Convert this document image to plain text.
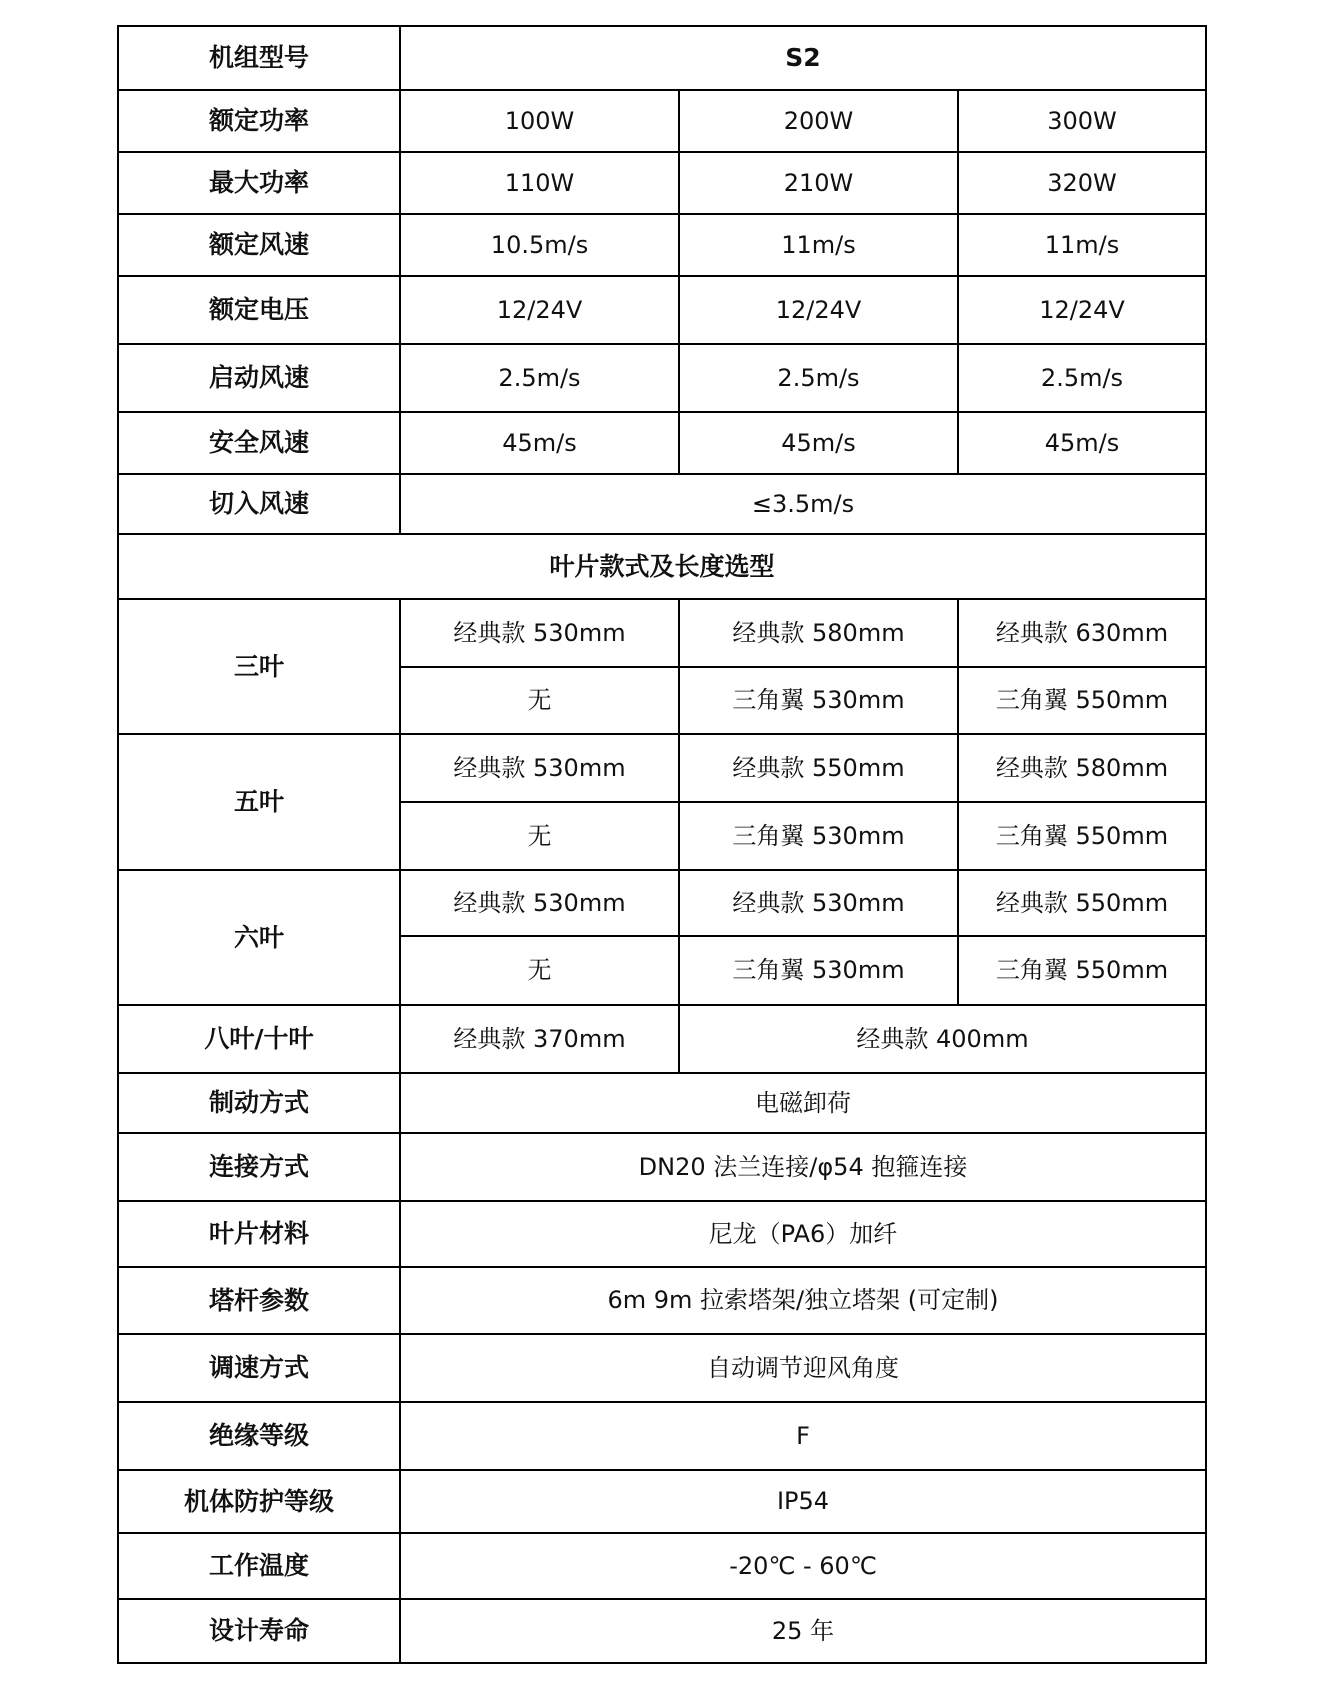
机组型号	S2		
额定功率	100W	200W	300W
最大功率	110W	210W	320W
额定风速	10.5m/s	11m/s	11m/s
额定电压	12/24V	12/24V	12/24V
启动风速	2.5m/s	2.5m/s	2.5m/s
安全风速	45m/s	45m/s	45m/s
切入风速	≤3.5m/s		
叶片款式及长度选型			
三叶	经典款 530mm	经典款 580mm	经典款 630mm
	无	三角翼 530mm	三角翼 550mm
五叶	经典款 530mm	经典款 550mm	经典款 580mm
	无	三角翼 530mm	三角翼 550mm
六叶	经典款 530mm	经典款 530mm	经典款 550mm
	无	三角翼 530mm	三角翼 550mm
八叶/十叶	经典款 370mm	经典款 400mm	
制动方式	电磁卸荷		
连接方式	DN20 法兰连接/φ54 抱箍连接		
叶片材料	尼龙（PA6）加纤		
塔杆参数	6m 9m 拉索塔架/独立塔架 (可定制)		
调速方式	自动调节迎风角度		
绝缘等级	F		
机体防护等级	IP54		
工作温度	-20℃ - 60℃		
设计寿命	25 年		
